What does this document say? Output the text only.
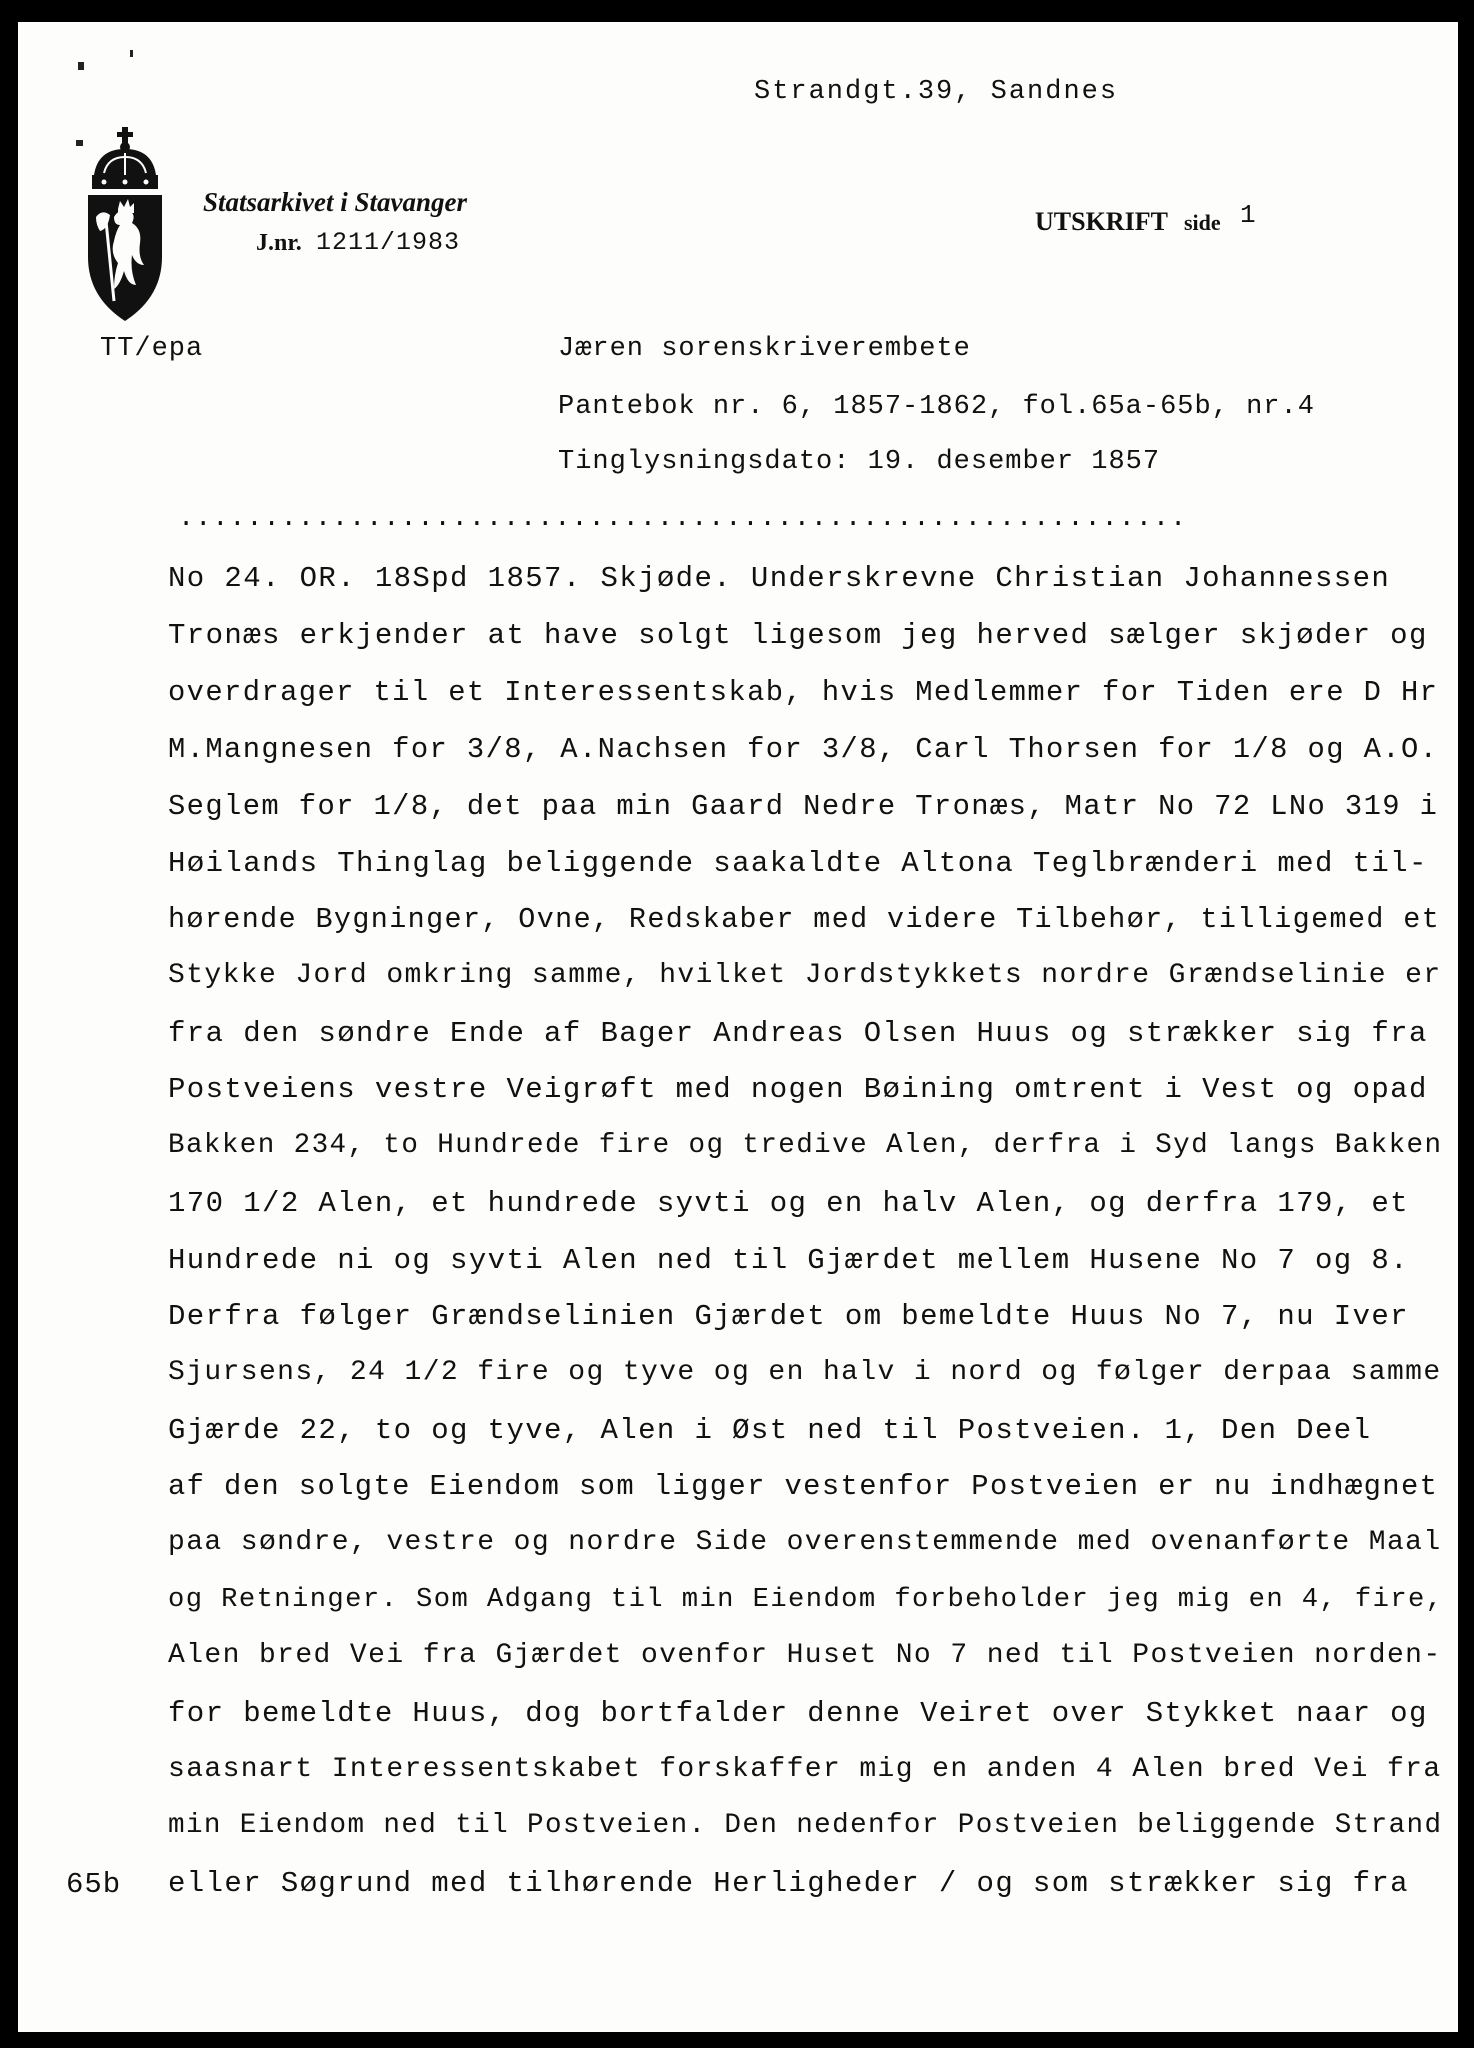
Strandgt.39, Sandnes
Statsarkivet i Stavanger
J.nr. 1211/1983
UTSKRIFT side 1
TT/epa	Jæren sorenskriverembete
Pantebok nr. 6, 1857-1862, fol.65a-65b, nr.4
Tinglysningsdato: 19. desember 1857
...........................................................
No 24. OR. 18Spd 1857. Skjøde. Underskrevne Christian Johannessen
Tronæs erkjender at have solgt ligesom jeg herved sælger skjøder og
overdrager til et Interessentskab, hvis Medlemmer for Tiden ere D Hr
M.Mangnesen for 3/8, A.Nachsen for 3/8, Carl Thorsen for 1/8 og A.O.
Seglem for 1/8, det paa min Gaard Nedre Tronæs, Matr No 72 LNo 319 i
Høilands Thinglag beliggende saakaldte Altona Teglbrænderi med til-
hørende Bygninger, Ovne, Redskaber med videre Tilbehør, tilligemed et
Stykke Jord omkring samme, hvilket Jordstykkets nordre Grændselinie er
fra den søndre Ende af Bager Andreas Olsen Huus og strækker sig fra
Postveiens vestre Veigrøft med nogen Bøining omtrent i Vest og opad
Bakken 234, to Hundrede fire og tredive Alen, derfra i Syd langs Bakken
170 1/2 Alen, et hundrede syvti og en halv Alen, og derfra 179, et
Hundrede ni og syvti Alen ned til Gjærdet mellem Husene No 7 og 8.
Derfra følger Grændselinien Gjærdet om bemeldte Huus No 7, nu Iver
Sjursens, 24 1/2 fire og tyve og en halv i nord og følger derpaa samme
Gjærde 22, to og tyve, Alen i Øst ned til Postveien. 1, Den Deel
af den solgte Eiendom som ligger vestenfor Postveien er nu indhægnet
paa søndre, vestre og nordre Side overenstemmende med ovenanførte Maal
og Retninger. Som Adgang til min Eiendom forbeholder jeg mig en 4, fire,
Alen bred Vei fra Gjærdet ovenfor Huset No 7 ned til Postveien norden-
for bemeldte Huus, dog bortfalder denne Veiret over Stykket naar og
saasnart Interessentskabet forskaffer mig en anden 4 Alen bred Vei fra
min Eiendom ned til Postveien. Den nedenfor Postveien beliggende Strand
eller Søgrund med tilhørende Herligheder / og som strækker sig fra
65b
